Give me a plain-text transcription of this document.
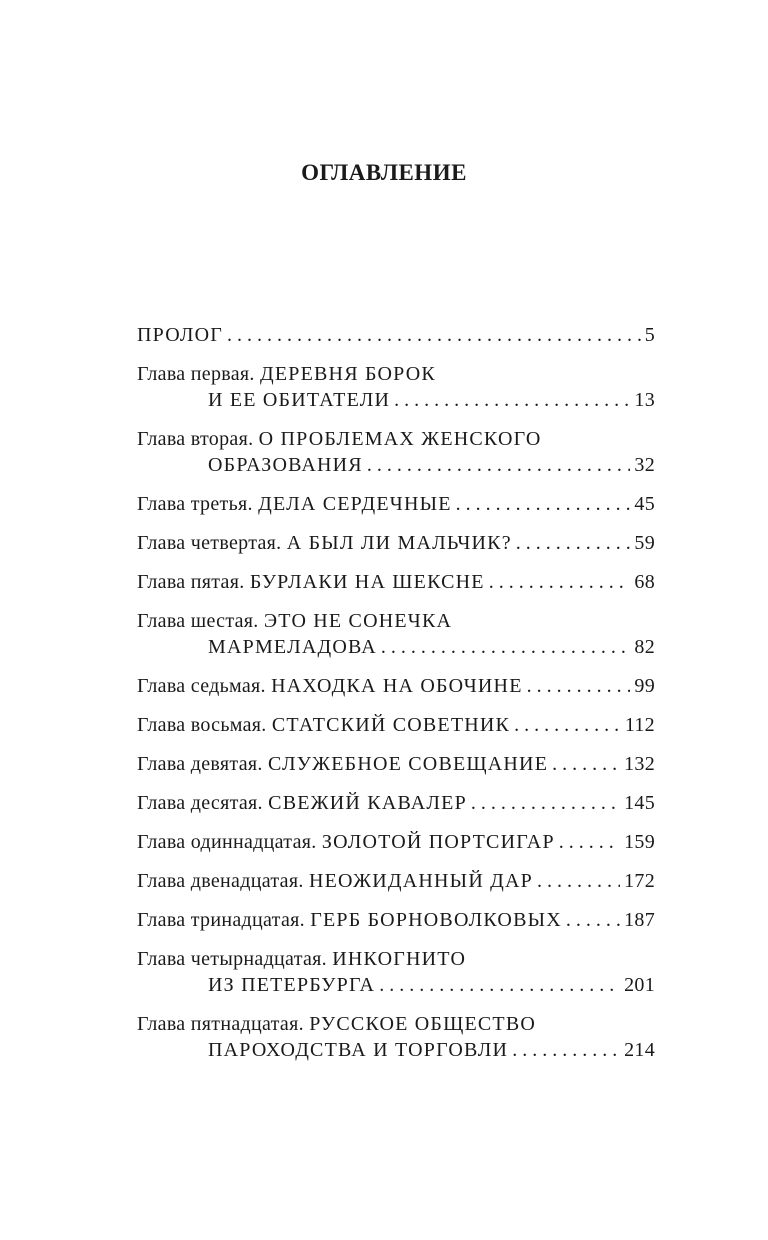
ОГЛАВЛЕНИЕ
ПРОЛОГ . . .	5
Глава первая. ДЕРЕВНЯ БОРОК
И ЕЕ ОБИТАТЕЛИ . . .	13
Глава вторая. О ПРОБЛЕМАХ ЖЕНСКОГО
ОБРАЗОВАНИЯ . . .	32
Глава третья. ДЕЛА СЕРДЕЧНЫЕ . . .	45
Глава четвертая. А БЫЛ ЛИ МАЛЬЧИК? . . .	59
Глава пятая. БУРЛАКИ НА ШЕКСНЕ . . .	68
Глава шестая. ЭТО НЕ СОНЕЧКА
МАРМЕЛАДОВА . . .	82
Глава седьмая. НАХОДКА НА ОБОЧИНЕ . . .	99
Глава восьмая. СТАТСКИЙ СОВЕТНИК . . .	112
Глава девятая. СЛУЖЕБНОЕ СОВЕЩАНИЕ . . .	132
Глава десятая. СВЕЖИЙ КАВАЛЕР . . .	145
Глава одиннадцатая. ЗОЛОТОЙ ПОРТСИГАР . . .	159
Глава двенадцатая. НЕОЖИДАННЫЙ ДАР . . .	172
Глава тринадцатая. ГЕРБ БОРНОВОЛКОВЫХ . . .	187
Глава четырнадцатая. ИНКОГНИТО
ИЗ ПЕТЕРБУРГА . . .	201
Глава пятнадцатая. РУССКОЕ ОБЩЕСТВО
ПАРОХОДСТВА И ТОРГОВЛИ . . .	214
